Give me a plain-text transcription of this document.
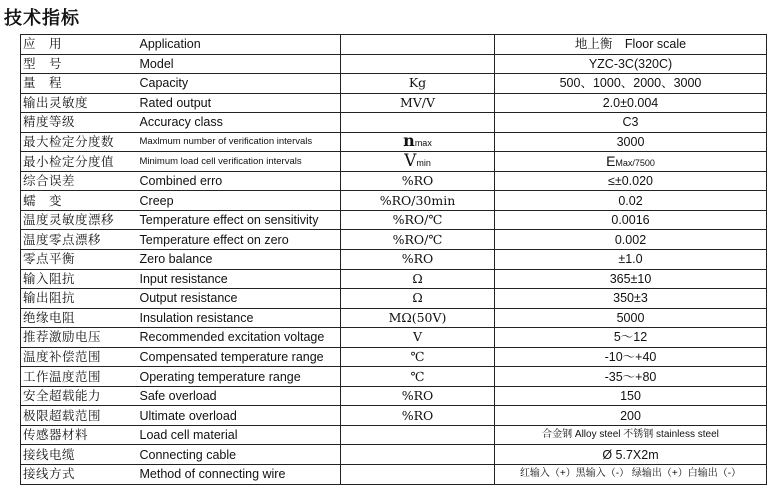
技术指标
应　用	Application		地上衡　Floor scale
型　号	Model		YZC-3C(320C)
量　程	Capacity	Kg	500、1000、2000、3000
输出灵敏度	Rated output	MV/V	2.0±0.004
精度等级	Accuracy class		C3
最大检定分度数	Maxlmum number of verification intervals	nmax	3000
最小检定分度值	Minimum load cell verification intervals	Vmin	EMax/7500
综合误差	Combined erro	%RO	≤±0.020
蠕　变	Creep	%RO/30min	0.02
温度灵敏度漂移	Temperature effect on sensitivity	%RO/℃	0.0016
温度零点漂移	Temperature effect on zero	%RO/℃	0.002
零点平衡	Zero balance	%RO	±1.0
输入阻抗	Input resistance	Ω	365±10
输出阻抗	Output resistance	Ω	350±3
绝缘电阻	Insulation resistance	MΩ(50V)	5000
推荐激励电压	Recommended excitation voltage	V	5～12
温度补偿范围	Compensated temperature range	℃	-10～+40
工作温度范围	Operating temperature range	℃	-35～+80
安全超载能力	Safe overload	%RO	150
极限超载范围	Ultimate overload	%RO	200
传感器材料	Load cell material		合金钢 Alloy steel 不锈钢 stainless steel
接线电缆	Connecting cable		Ø 5.7X2m
接线方式	Method of connecting wire		红输入（+）黑输入（-） 绿输出（+）白输出（-）
